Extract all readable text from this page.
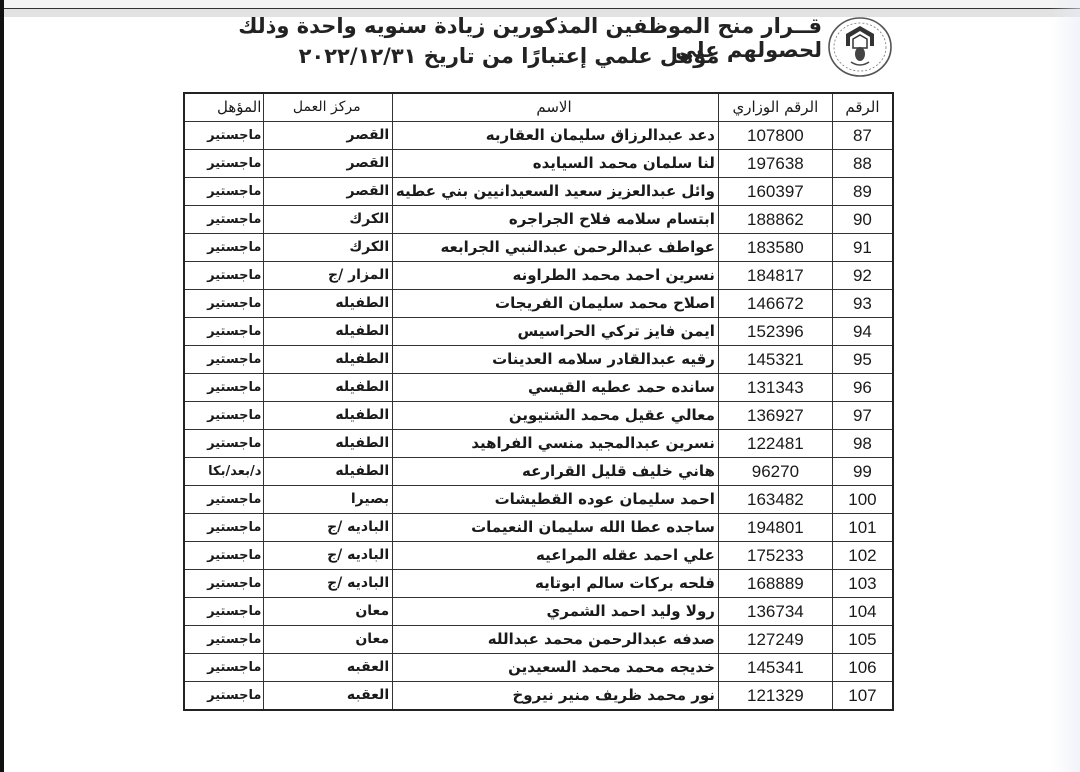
قــرار منح الموظفين المذكورين زيادة سنويه واحدة وذلك لحصولهم على
مؤهل علمي إعتبارًا من تاريخ ٢٠٢٢/١٢/٣١
الرقم	الرقم الوزاري	الاسم	مركز العمل	المؤهل
87	107800	دعد عبدالرزاق سليمان العقاربه	القصر	ماجستير
88	197638	لنا سلمان محمد السيايده	القصر	ماجستير
89	160397	وائل عبدالعزيز سعيد السعيدانيين بني عطيه	القصر	ماجستير
90	188862	ابتسام سلامه فلاح الجراجره	الكرك	ماجستير
91	183580	عواطف عبدالرحمن عبدالنبي الجرابعه	الكرك	ماجستير
92	184817	نسرين احمد محمد الطراونه	المزار /ج	ماجستير
93	146672	اصلاح محمد سليمان الفريجات	الطفيله	ماجستير
94	152396	ايمن فايز تركي الحراسيس	الطفيله	ماجستير
95	145321	رقيه عبدالقادر سلامه العدينات	الطفيله	ماجستير
96	131343	سانده حمد عطيه القيسي	الطفيله	ماجستير
97	136927	معالي عقيل محمد الشتيوين	الطفيله	ماجستير
98	122481	نسرين عبدالمجيد منسي الفراهيد	الطفيله	ماجستير
99	96270	هاني خليف قليل القرارعه	الطفيله	د/بعد/بكا
100	163482	احمد سليمان عوده القطيشات	بصيرا	ماجستير
101	194801	ساجده عطا الله سليمان النعيمات	الباديه /ج	ماجستير
102	175233	علي احمد عقله المراعيه	الباديه /ج	ماجستير
103	168889	فلحه بركات سالم ابوتايه	الباديه /ج	ماجستير
104	136734	رولا وليد احمد الشمري	معان	ماجستير
105	127249	صدفه عبدالرحمن محمد عبدالله	معان	ماجستير
106	145341	خديجه محمد محمد السعيدين	العقبه	ماجستير
107	121329	نور محمد ظريف منير نيروخ	العقبه	ماجستير
